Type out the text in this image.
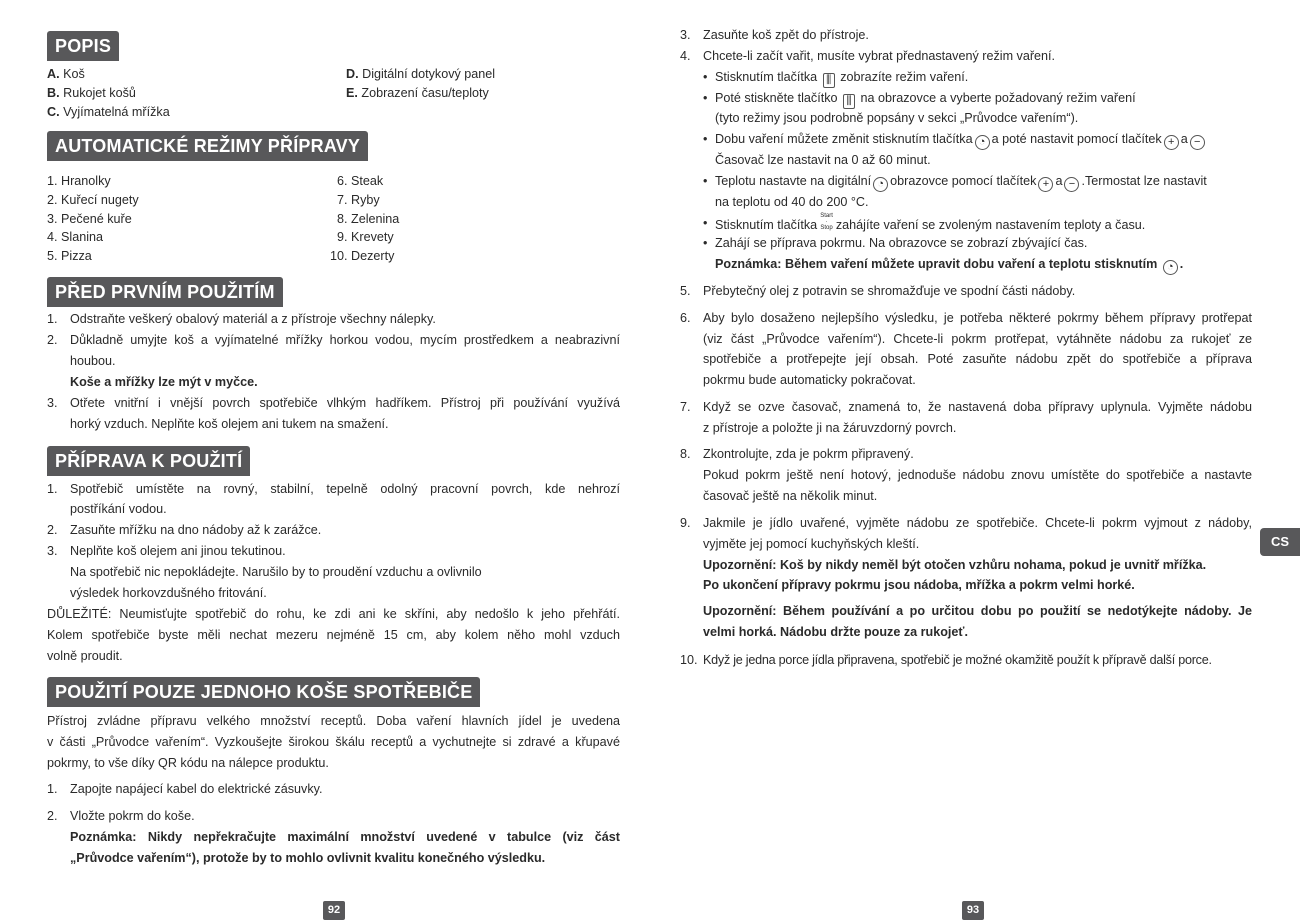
POPIS
A. Koš
B. Rukojet košů
C. Vyjímatelná mřížka
D. Digitální dotykový panel
E. Zobrazení času/teploty
AUTOMATICKÉ REŽIMY PŘÍPRAVY
1. Hranolky
2. Kuřecí nugety
3. Pečené kuře
4. Slanina
5. Pizza
6. Steak
7. Ryby
8. Zelenina
9. Krevety
10. Dezerty
PŘED PRVNÍM POUŽITÍM
1. Odstraňte veškerý obalový materiál a z přístroje všechny nálepky.
2. Důkladně umyjte koš a vyjímatelné mřížky horkou vodou, mycím prostředkem a neabrazivní
houbou.
Koše a mřížky lze mýt v myčce.
3. Otřete vnitřní i vnější povrch spotřebiče vlhkým hadříkem. Přístroj při používání využívá
horký vzduch. Neplňte koš olejem ani tukem na smažení.
PŘÍPRAVA K POUŽITÍ
1. Spotřebič umístěte na rovný, stabilní, tepelně odolný pracovní povrch, kde nehrozí
postříkání vodou.
2. Zasuňte mřížku na dno nádoby až k zarážce.
3. Neplňte koš olejem ani jinou tekutinou.
Na spotřebič nic nepokládejte. Narušilo by to proudění vzduchu a ovlivnilo
výsledek horkovzdušného fritování.
DŮLEŽITÉ: Neumisťujte spotřebič do rohu, ke zdi ani ke skříni, aby nedošlo k jeho přehřátí.
Kolem spotřebiče byste měli nechat mezeru nejméně 15 cm, aby kolem něho mohl vzduch
volně proudit.
POUŽITÍ POUZE JEDNOHO KOŠE SPOTŘEBIČE
Přístroj zvládne přípravu velkého množství receptů. Doba vaření hlavních jídel je uvedena
v části „Průvodce vařením“. Vyzkoušejte širokou škálu receptů a vychutnejte si zdravé a křupavé
pokrmy, to vše díky QR kódu na nálepce produktu.
1. Zapojte napájecí kabel do elektrické zásuvky.
2. Vložte pokrm do koše.
Poznámka: Nikdy nepřekračujte maximální množství uvedené v tabulce (viz část
„Průvodce vařením“), protože by to mohlo ovlivnit kvalitu konečného výsledku.
3. Zasuňte koš zpět do přístroje.
4. Chcete-li začít vařit, musíte vybrat přednastavený režim vaření.
• Stisknutím tlačítka ⫼ zobrazíte režim vaření.
• Poté stiskněte tlačítko ⫼ na obrazovce a vyberte požadovaný režim vaření
(tyto režimy jsou podrobně popsány v sekci „Průvodce vařením“).
• Dobu vaření můžete změnit stisknutím tlačítka ◔ a poté nastavit pomocí tlačítek + a −
Časovač lze nastavit na 0 až 60 minut.
• Teplotu nastavte na digitální ◔ obrazovce pomocí tlačítek + a − .Termostat lze nastavit
na teplotu od 40 do 200 °C.
• Stisknutím tlačítkaStart
·
Stop zahájíte vaření se zvoleným nastavením teploty a času.
• Zahájí se příprava pokrmu. Na obrazovce se zobrazí zbývající čas.
Poznámka: Během vaření můžete upravit dobu vaření a teplotu stisknutím ◔ .
5. Přebytečný olej z potravin se shromažďuje ve spodní části nádoby.
6. Aby bylo dosaženo nejlepšího výsledku, je potřeba některé pokrmy během přípravy protřepat
(viz část „Průvodce vařením“). Chcete-li pokrm protřepat, vytáhněte nádobu za rukojeť ze
spotřebiče a protřepejte její obsah. Poté zasuňte nádobu zpět do spotřebiče a příprava
pokrmu bude automaticky pokračovat.
7. Když se ozve časovač, znamená to, že nastavená doba přípravy uplynula. Vyjměte nádobu
z přístroje a položte ji na žáruvzdorný povrch.
8. Zkontrolujte, zda je pokrm připravený.
Pokud pokrm ještě není hotový, jednoduše nádobu znovu umístěte do spotřebiče a nastavte
časovač ještě na několik minut.
9. Jakmile je jídlo uvařené, vyjměte nádobu ze spotřebiče. Chcete-li pokrm vyjmout z nádoby,
vyjměte jej pomocí kuchyňských kleští.
Upozornění: Koš by nikdy neměl být otočen vzhůru nohama, pokud je uvnitř mřížka.
Po ukončení přípravy pokrmu jsou nádoba, mřížka a pokrm velmi horké.
Upozornění: Během používání a po určitou dobu po použití se nedotýkejte nádoby. Je
velmi horká. Nádobu držte pouze za rukojeť.
10. Když je jedna porce jídla připravena, spotřebič je možné okamžitě použít k přípravě další porce.
CS
92	93
